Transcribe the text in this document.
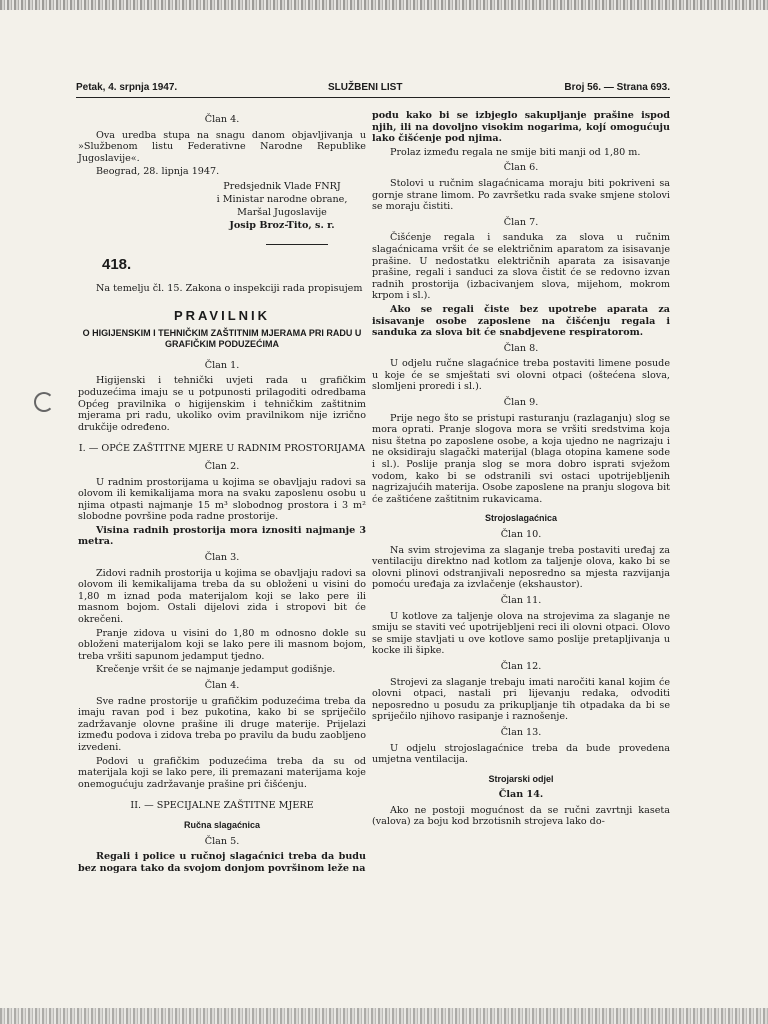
Petak, 4. srpnja 1947.	SLUŽBENI LIST	Broj 56. — Strana 693.
Član 4.

Ova uredba stupa na snagu danom objavljivanja u »Službenom listu Federativne Narodne Republike Jugoslavije«.

Beograd, 28. lipnja 1947.

Predsjednik Vlade FNRJ
i Ministar narodne obrane,
Maršal Jugoslavije
Josip Broz-Tito, s. r.
418.

Na temelju čl. 15. Zakona o inspekciji rada propisujem

PRAVILNIK
O HIGIJENSKIM I TEHNIČKIM ZAŠTITNIM MJERAMA PRI RADU U GRAFIČKIM PODUZEĆIMA
Član 1.

Higijenski i tehnički uvjeti rada u grafičkim poduzećima imaju se u potpunosti prilagoditi odredbama Općeg pravilnika o higijenskim i tehničkim zaštitnim mjerama pri radu, ukoliko ovim pravilnikom nije izrično drukčije određeno.

I. — OPĆE ZAŠTITNE MJERE U RADNIM PROSTORIJAMA
Član 2.

U radnim prostorijama u kojima se obavljaju radovi sa olovom ili kemikalijama mora na svaku zaposlenu osobu u njima otpasti najmanje 15 m³ slobodnog prostora i 3 m² slobodne površine poda radne prostorije.

Visina radnih prostorija mora iznositi najmanje 3 metra.

Član 3.

Zidovi radnih prostorija u kojima se obavljaju radovi sa olovom ili kemikalijama treba da su obloženi u visini do 1,80 m iznad poda materijalom koji se lako pere ili masnom bojom. Ostali dijelovi zida i stropovi bit će okrečeni.

Pranje zidova u visini do 1,80 m odnosno dokle su obloženi materijalom koji se lako pere ili masnom bojom, treba vršiti sapunom jedamput tjedno.

Krečenje vršit će se najmanje jedamput godišnje.

Član 4.

Sve radne prostorije u grafičkim poduzećima treba da imaju ravan pod i bez pukotina, kako bi se spriječilo zadržavanje olovne prašine ili druge materije. Prijelazi između podova i zidova treba po pravilu da budu zaobljeno izvedeni.

Podovi u grafičkim poduzećima treba da su od materijala koji se lako pere, ili premazani materijama koje onemogućuju zadržavanje prašine pri čišćenju.

II. — SPECIJALNE ZAŠTITNE MJERE
Ručna slagaćnica
Član 5.

Regali i police u ručnoj slagaćnici treba da budu bez nogara tako da svojom donjom površinom leže na

podu kako bi se izbjeglo sakupljanje prašine ispod njih, ili na dovoljno visokim nogarima, kojí omogućuju lako čišćenje pod njima.

Prolaz između regala ne smije biti manji od 1,80 m.

Član 6.

Stolovi u ručnim slagaćnicama moraju biti pokriveni sa gornje strane limom. Po završetku rada svake smjene stolovi se moraju čistiti.

Član 7.

Čišćenje regala i sanduka za slova u ručnim slagaćnicama vršit će se električnim aparatom za isisavanje prašine. U nedostatku električnih aparata za isisavanje prašine, regali i sanduci za slova čistit će se redovno izvan radnih prostorija (izbacivanjem slova, mijehom, mokrom krpom i sl.).

Ako se regali čiste bez upotrebe aparata za isisavanje osobe zaposlene na čišćenju regala i sanduka za slova bit će snabdjevene respiratorom.

Član 8.

U odjelu ručne slagaćnice treba postaviti limene posude u koje će se smještati svi olovni otpaci (oštećena slova, slomljeni proredi i sl.).

Član 9.

Prije nego što se pristupi rasturanju (razlaganju) slog se mora oprati. Pranje slogova mora se vršiti sredstvima koja nisu štetna po zaposlene osobe, a koja ujedno ne nagrizaju i ne oksidiraju slagački materijal (blaga otopina kamene sode i sl.). Poslije pranja slog se mora dobro isprati svježom vodom, kako bi se odstranili svi ostaci upotrijebljenih nagrizajućih materija. Osobe zaposlene na pranju slogova bit će zaštićene zaštitnim rukavicama.

Strojoslagaćnica
Član 10.

Na svim strojevima za slaganje treba postaviti uređaj za ventilaciju direktno nad kotlom za taljenje olova, kako bi se olovni plinovi odstranjivali neposredno sa mjesta razvijanja pomoću uređaja za izvlačenje (ekshaustor).

Član 11.

U kotlove za taljenje olova na strojevima za slaganje ne smiju se staviti već upotrijebljeni reci ili olovni otpaci. Olovo se smije stavljati u ove kotlove samo poslije pretapljivanja u kocke ili šipke.

Član 12.

Strojevi za slaganje trebaju imati naročiti kanal kojim će olovni otpaci, nastali pri lijevanju redaka, odvoditi neposredno u posudu za prikupljanje tih otpadaka da bi se spriječilo njihovo rasipanje i raznošenje.

Član 13.

U odjelu strojoslagaćnice treba da bude provedena umjetna ventilacija.

Strojarski odjel
Član 14.

Ako ne postoji mogućnost da se ručni zavrtnji kaseta (valova) za boju kod brzotisnih strojeva lako do-
